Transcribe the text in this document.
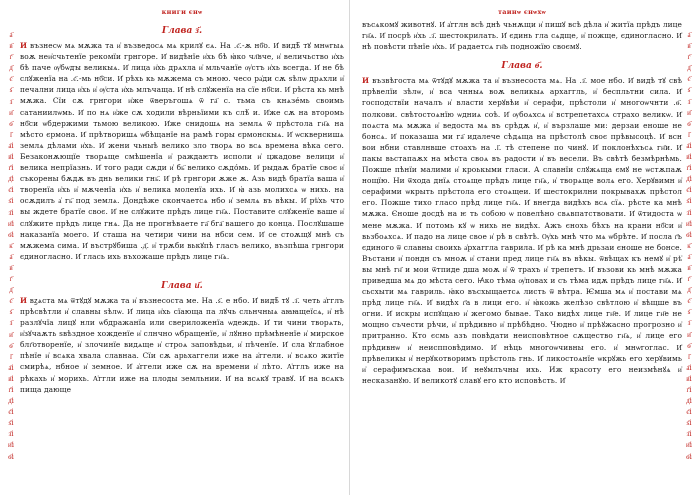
а҃
в҃
г҃
д҃
є҃
ѕ҃
з҃
и҃
ѳ҃
і҃
а҃і
в҃і
г҃і
д҃і
є҃і
ѕ҃і
з҃і
и҃і
ѳ҃і
к҃
а҃
в҃
г҃
д҃
є҃
ѕ҃
з҃
и҃
ѳ҃
і҃
а҃і
в҃і
г҃і
д҃і
є҃і
ѕ҃і
з҃і
и҃і
ѳ҃і
книги єнѡ
Глава з҃.

И възнесѡ мѧ мѫжа та и҆ възведосѧ мѧ крилꙋ єѧ. На .є҃.-ѫ нб҃о. И҆ видѣ̑ тꙋ мнѡгыѧ воѫ неи҆счьтенїе рекомїи грнгоре. И҆ видѣнїе и҆хь бѣ ꙗ҆ко чл҃вче, и҆ величьство и҆хь бѣ паче ѹ҆бѡдꙑ великыѧ. И҆ лица и҆хь дрѧхла и҆ мльчанїе ѹ҆стъ и҆хь всегда. И҆ не бѣ слꙋженїа на .є҃.-мь нб҃си. И҆ рѣхь кь мѫжема съ мною. чесо ра҆ди сѫ ѕѣлѡ дрѧхли и҆ печални лица и҆хь и҆ ѹ҆ста и҆хь млъчаща. И҆ нѣ слꙋженїа на сїе нб҃си. И҆ рѣста кь мнѣ мѫжа. Сїи сѫ грнгори и҆же ѿверъгошѧ ѿ га҃ с. тьма съ кнѧзе́мь своимь сатаниилѡмь. И҆ по нѧ и҆же сѫ ходили вѣрньїими къ слѣ́ и. И҆же сѫ на второмь нб҃си ѡбдержими тьмою великою. И҆же снидошѧ на землѧ ѿ прѣстола гн҃ѧ на мѣсто єрмона. И҆ прѣтворишѧ ѡбѣщанїе на рамѣ горы єрмонскыѧ. И҆ ѡсквернишѧ землѧ дѣлами и҆хь. И҆ жени чьныѣ велико зло творѧ во всѧ времена вѣка сего. Безаконѫющїе творѧще смѣшенїа и҆ раждаѥтъ исполи и҆ цжадове велици и҆ велика непрїазнь. И҆ того ради сѫди и҆ бь҃ велико сѫдо́мь. И҆ рыдаѫ братїе своє и҆ съкорены бѫдѫ въ днь велики гнь҃. И҆ рѣ грнгори ѫже ѫ. Азь видѣ братїа ваша и҆ творенїа и҆хь и҆ мѫченїа и҆хь и҆ велика моленїа ихь. И҆ ꙗ҆ азь молихсѧ ѡ нихь. на осѫдилъ а҆ гь҃ под землѧ. Дондѣже скончаетсѧ нбо и҆ землѧ въ вѣкы. И҆ рѣ҆хь что вы ждете братїе своє. И҆ не слꙋжите прѣдъ лице гн҃ѧ. Поставите слꙋженїе ваше и҆ слꙋжите прѣдъ лице гнѧ. Да не прогнѣваете га҃ бга҃ вашего до конца. Послꙋшаше наказанїа моего. И҆ сташа на четири чини на нбси сем. И҆ се стоѫщꙋ мнѣ съ мѫжема сима. И҆ въстрꙋбиша .д҃. и҆ трѫби вькꙋпѣ гласъ велико, възпѣша грнгори єдиногласно. И҆ глась ихь въхожаше прѣдъ лице гн҃ѧ.

Глава и҃.

И вꙁѧста мѧ ѿтꙋдꙋ мѫжа та и҆ възнесоста ме. На .ѕ҃. е нбо. И҆ видѣ̑ тꙋ .з҃. четь а҆гглъ прѣсвѣтли и҆ славны ѕѣлѡ. И҆ лица и҆хь сїающа па лꙋчь сльнчныѧ аꙗꙗщеїсѧ, и҆ нѣ разлꙋчїа лицꙋ нли ѡбдражанїа или свериложенїа ѡдеждь. И҆ ти чини творѧть, и҆зꙋчаѫть ѕвѣздное хожденїе и҆ слнчно ѡбращенїе, и҆ лꙋнно прѣмѣненїе и҆ мирское блг҃отворенїе, и҆ злочинїе видѧще и҆ строѧ заповѣдьи, и҆ пѣченїе. И҆ сла ꙋглабное пѣнїе и҆ всѧка хвала славнаа. Сїи сѫ арьхаггели иже на а҆ггели. и҆ всѧко житїе смирѣѧ, нбное и҆ земное. И҆ а҆ггели иже сѫ на времени и҆ лѣто. А҆гглъ иже на рѣкахь и҆ морихь. А҆ггли иже на плоды земльнии. И҆ на всѧкꙋ травꙋ. И҆ на всѧкъ пища дающе

таинѡ єнѡхѡ

въсѧкомꙋ животнꙋ. И҆ а҆гглн всѣ днѣ чьнѫщи и҆ пишꙋ всѣ дѣла и҆ житїа прѣдъ лице гн҃ѧ. И҆ посрѣ и҆хь .з҃. шестокрилать. И҆ єдинь гла сѧдще, и҆ пожще, єдиногласно. И҆ нѣ повѣсти пѣнїе и҆хь. И҆ радаетсѧ гн҃ь подножїю своємꙋ.

Глава ѳ҃.

И възвѣгоста мѧ ѿтꙋдꙋ мѫжа та и҆ възнесоста мѧ. На .з҃. мое нбо. И҆ видѣ тꙋ свѣ прѣвелїи зѣлѡ, и҆ вса чнныѧ воѫ великыѧ архаггль, и҆ беспльтни сила. И҆ господствїи началъ и҆ власти херꙋвѣи и҆ серафи, прѣстоли и҆ многоѡчнти .ѳ҃. полкови. свѣтостоѧнїю ѡдниѧ соѣ. И҆ ѹбоѧхсѧ и҆ встрепетахсѧ страхо великѡ. И҆ поѧста мѧ мѫжа и҆ ведоста мѧ въ срѣдѫ и҆, и҆ вързлаше ми: дерзаи еноше не бонсѧ. И҆ показаша ми га҃ идалече сѣдѧща на прѣстолѣ своє прѣвысоцѣ. И҆ всн вои нбни ставлнвше стоахъ на .і҃. тѣ степене по чинꙋ. И҆ поклонѣхъсѧ гн҃и. И҆ пакы вьстапаѫх на мѣста своѧ въ радости и҆ въ весели. Въ свѣтѣ безмѣрнѣмь. Пожше пѣнїи малими и҆ кроькыми гласи. А славнїи слꙋжѧща ємꙋ не ѡстѫпаѫ нощїю. Ни ѿхода днїѧ стоѧще прѣдъ лице гн҃ѧ, и҆ творѧще волѧ его. Херꙋвимн и҆ серафими ѡкрыть прѣстола его стоѧщеи. И҆ шестокрилни покрывахѫ прѣстол его. Пожше тихо гласо прѣд лице гн҃ѧ. И҆ внегда видѣхъ всѧ сїѧ. рѣсте ка мнѣ мѫжа. Єноше досдѣ на ѥ ть собою ѡ повелѣно свѧвпатствовати. И҆ ѿтидоста ѡ мене мѫжа. И҆ потомь кꙋ ѡ нихь не видѣх. Ажъ єнохь бѣхъ на крани нб҃си и҆ вьзбоѧхсѧ. И҆ падо на лице свое и҆ рѣ в свѣтѣ. Ѹ҆хь мнѣ что мѧ ѡбрѣте. И҆ посла г҃ь єдиного ѿ славны своихь а҆рхаггла гаврила. И҆ рѣ ка мнѣ дрьзаи єноше не бонсе. Въстани и҆ пондн съ мноѫ и҆ стани пред лице гн҃ѧ въ вѣкы. ѿвѣщах къ немꙋ и҆ рѣ҆ вы мнѣ гн҃ и мои ѿтпиде дша моѫ и҆ ѿ трахъ и҆ трепетъ. И҆ възови кь мнѣ мѫжа приведша мѧ до мѣста сего. Ꙗ҆ко тѣма ѹ҆повах и съ тѣма идѫ прѣдъ лице гн҃ѧ. И҆ сьсхыти мѧ гавриль. ꙗ҆ко въсхыщаетсѧ листь ѿ вѣтра. Ѥмша мѧ и҆ постави мѧ прѣд лице гн҃ѧ. И҆ видѣх г҃а в лици его. и҆ ꙗ҆кожь желѣзо свѣтлою и҆ вѣщше въ огни. И҆ искры испꙋщаю и҆ жегомо бывае. Тако видѣх лице гн҃е. И҆ лице гн҃е не мощно съчести рѣчи, и҆ прѣдивно и҆ прѣбѣдно. Чюдно и҆ прѣꙋжасно прогрозно и҆ притранно. Кто єсмь азъ повѣдати неисповѣтное сѫщество гн҃ѧ, и҆ лице его прѣдивнѡ и҆ неиспповѣдимо. И҆ нѣць многоѡчивны его. и҆ мнѡгоглас. И҆ прѣвеликы и҆ нерꙋкотворимъ прѣстоль гнь. И҆ ликостоѧнїе ѡкрꙋжь его херꙋвимь и҆ серафимъскаа вои. И҆ неꙋмлъчны ихь. Иж красоту его неизмѣнꙋѧ и҆ несказанꙋю. И҆ великотꙋ славꙋ его кто исповѣсть. И҆

а҃
в҃
г҃
д҃
є҃
ѕ҃
з҃
и҃
ѳ҃
і҃
а҃і
в҃і
г҃і
д҃і
є҃і
ѕ҃і
з҃і
и҃і
ѳ҃і
к҃
а҃
в҃
г҃
д҃
є҃
ѕ҃
з҃
и҃
ѳ҃
і҃
а҃і
в҃і
г҃і
д҃і
є҃і
ѕ҃і
з҃і
и҃і
ѳ҃і
